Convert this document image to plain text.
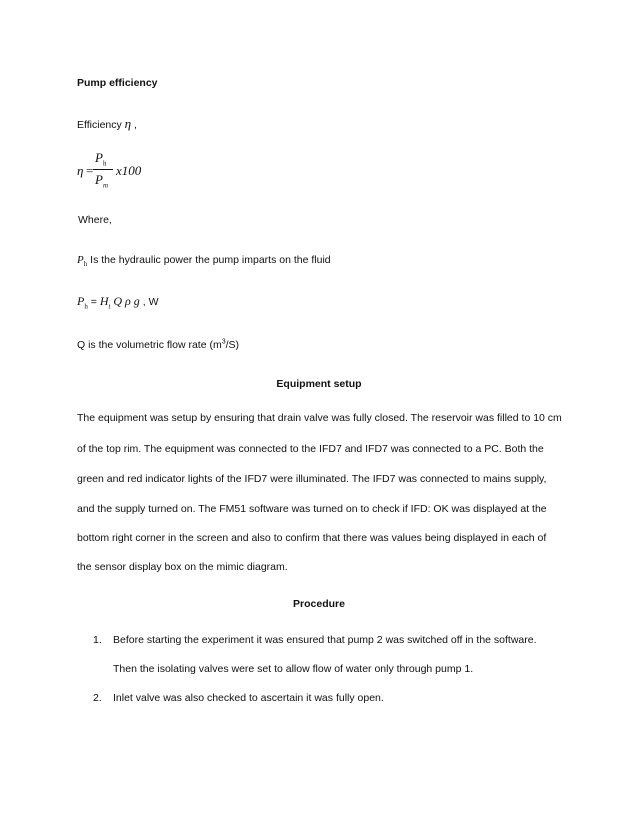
Pump efficiency
Efficiency η ,
η =
$P_h$
$P_m$
x100
Where,
$P_h$ Is the hydraulic power the pump imparts on the fluid
$P_h = H_t$ Q ρ g , W
Q is the volumetric flow rate $(m^3/S)$
Equipment setup
The equipment was setup by ensuring that drain valve was fully closed. The reservoir was filled to 10 cm
of the top rim. The equipment was connected to the IFD7 and IFD7 was connected to a PC. Both the
green and red indicator lights of the IFD7 were illuminated. The IFD7 was connected to mains supply,
and the supply turned on. The FM51 software was turned on to check if IFD: OK was displayed at the
bottom right corner in the screen and also to confirm that there was values being displayed in each of
the sensor display box on the mimic diagram.
Procedure
1. Before starting the experiment it was ensured that pump 2 was switched off in the software.
Then the isolating valves were set to allow flow of water only through pump 1.
2. Inlet valve was also checked to ascertain it was fully open.
